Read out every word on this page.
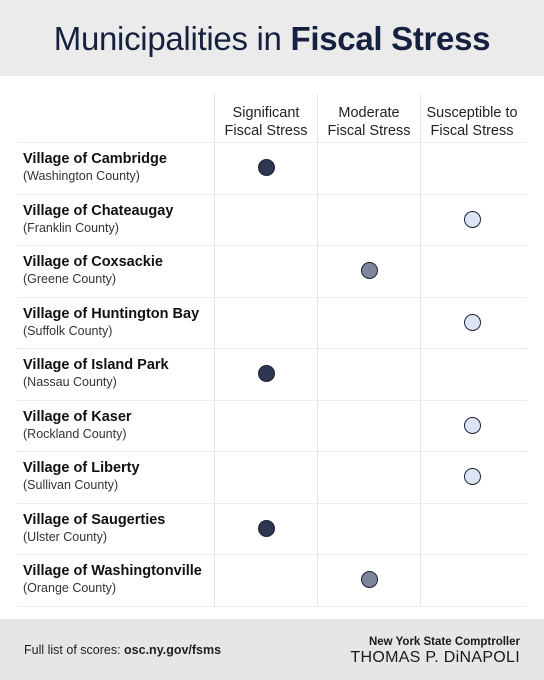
Municipalities in Fiscal Stress
Significant
Fiscal Stress
Moderate
Fiscal Stress
Susceptible to
Fiscal Stress
Village of Cambridge
(Washington County)
Village of Chateaugay
(Franklin County)
Village of Coxsackie
(Greene County)
Village of Huntington Bay
(Suffolk County)
Village of Island Park
(Nassau County)
Village of Kaser
(Rockland County)
Village of Liberty
(Sullivan County)
Village of Saugerties
(Ulster County)
Village of Washingtonville
(Orange County)
Full list of scores: osc.ny.gov/fsms
New York State Comptroller
THOMAS P. DiNAPOLI
